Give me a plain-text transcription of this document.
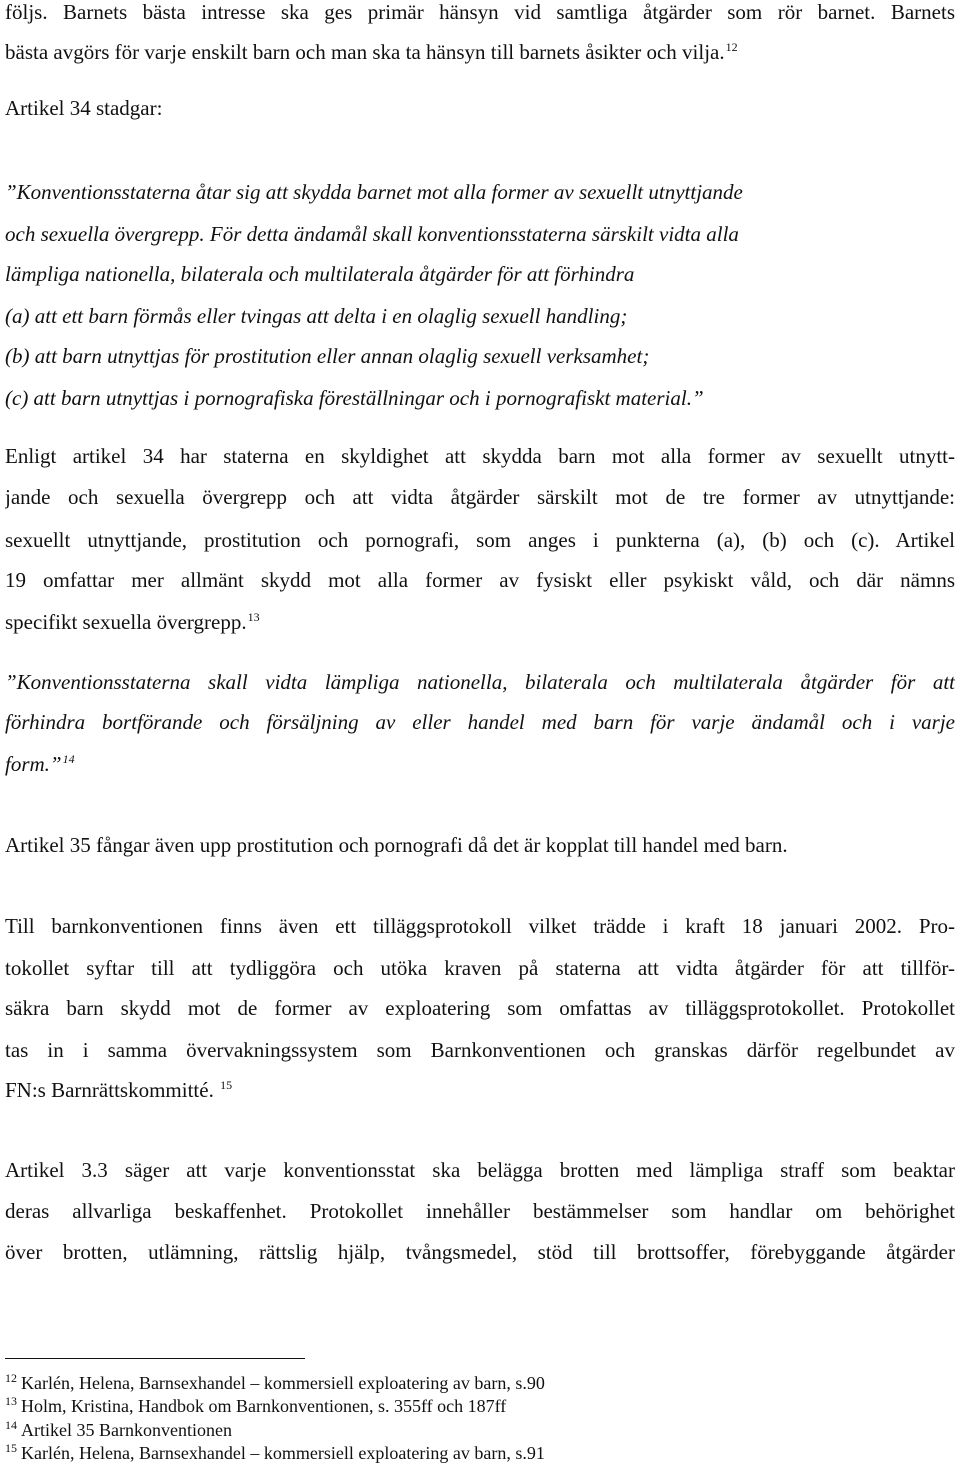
följs. Barnets bästa intresse ska ges primär hänsyn vid samtliga åtgärder som rör barnet. Barnets
bästa avgörs för varje enskilt barn och man ska ta hänsyn till barnets åsikter och vilja.$^{12}$
Artikel 34 stadgar:
”Konventionsstaterna åtar sig att skydda barnet mot alla former av sexuellt utnyttjande
och sexuella övergrepp. För detta ändamål skall konventionsstaterna särskilt vidta alla
lämpliga nationella, bilaterala och multilaterala åtgärder för att förhindra
(a) att ett barn förmås eller tvingas att delta i en olaglig sexuell handling;
(b) att barn utnyttjas för prostitution eller annan olaglig sexuell verksamhet;
(c) att barn utnyttjas i pornografiska föreställningar och i pornografiskt material.”
Enligt artikel 34 har staterna en skyldighet att skydda barn mot alla former av sexuellt utnytt-
jande och sexuella övergrepp och att vidta åtgärder särskilt mot de tre former av utnyttjande:
sexuellt utnyttjande, prostitution och pornografi, som anges i punkterna (a), (b) och (c). Artikel
19 omfattar mer allmänt skydd mot alla former av fysiskt eller psykiskt våld, och där nämns
specifikt sexuella övergrepp.$^{13}$
”Konventionsstaterna skall vidta lämpliga nationella, bilaterala och multilaterala åtgärder för att
förhindra bortförande och försäljning av eller handel med barn för varje ändamål och i varje
form.”$^{14}$
Artikel 35 fångar även upp prostitution och pornografi då det är kopplat till handel med barn.
Till barnkonventionen finns även ett tilläggsprotokoll vilket trädde i kraft 18 januari 2002. Pro-
tokollet syftar till att tydliggöra och utöka kraven på staterna att vidta åtgärder för att tillför-
säkra barn skydd mot de former av exploatering som omfattas av tilläggsprotokollet. Protokollet
tas in i samma övervakningssystem som Barnkonventionen och granskas därför regelbundet av
FN:s Barnrättskommitté. $^{15}$
Artikel 3.3 säger att varje konventionsstat ska belägga brotten med lämpliga straff som beaktar
deras allvarliga beskaffenhet. Protokollet innehåller bestämmelser som handlar om behörighet
över brotten, utlämning, rättslig hjälp, tvångsmedel, stöd till brottsoffer, förebyggande åtgärder
$^{12}$ Karlén, Helena, Barnsexhandel – kommersiell exploatering av barn, s.90
$^{13}$ Holm, Kristina, Handbok om Barnkonventionen, s. 355ff och 187ff
$^{14}$ Artikel 35 Barnkonventionen
$^{15}$ Karlén, Helena, Barnsexhandel – kommersiell exploatering av barn, s.91
